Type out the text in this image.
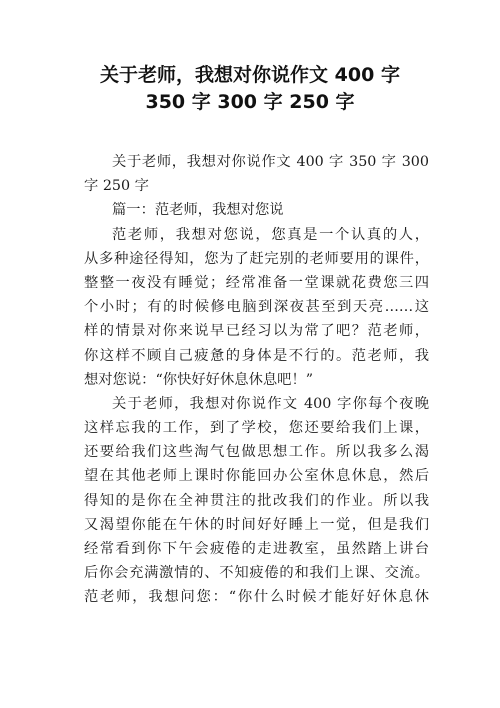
关于老师，我想对你说作文 400 字
350 字 300 字 250 字
关于老师，我想对你说作文 400 字 350 字 300
字 250 字
篇一：范老师，我想对您说
范老师，我想对您说，您真是一个认真的人，
从多种途径得知，您为了赶完别的老师要用的课件，
整整一夜没有睡觉；经常准备一堂课就花费您三四
个小时；有的时候修电脑到深夜甚至到天亮……这
样的情景对你来说早已经习以为常了吧？范老师，
你这样不顾自己疲惫的身体是不行的。范老师，我
想对您说：“你快好好休息休息吧！”
关于老师，我想对你说作文 400 字你每个夜晚
这样忘我的工作，到了学校，您还要给我们上课，
还要给我们这些淘气包做思想工作。所以我多么渴
望在其他老师上课时你能回办公室休息休息，然后
得知的是你在全神贯注的批改我们的作业。所以我
又渴望你能在午休的时间好好睡上一觉，但是我们
经常看到你下午会疲倦的走进教室，虽然踏上讲台
后你会充满激情的、不知疲倦的和我们上课、交流。
范老师，我想问您：“你什么时候才能好好休息休
